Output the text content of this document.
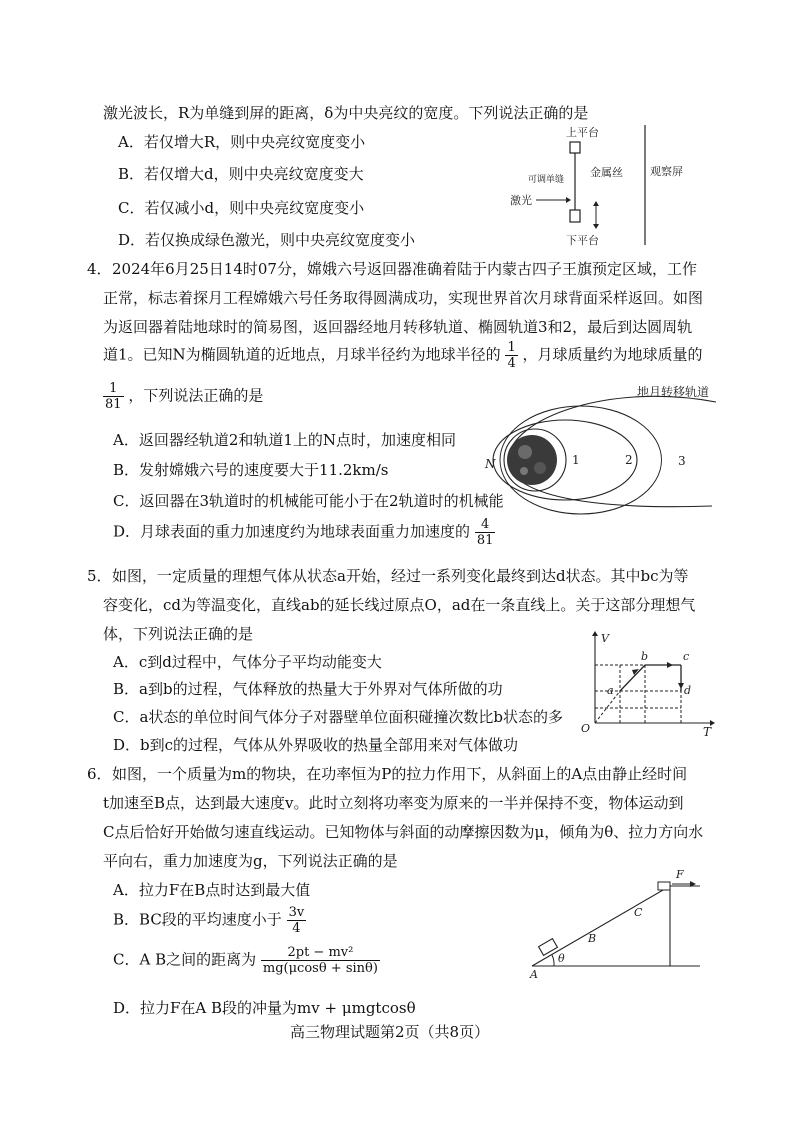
激光波长，R为单缝到屏的距离，δ为中央亮纹的宽度。下列说法正确的是
A．若仅增大R，则中央亮纹宽度变小
B．若仅增大d，则中央亮纹宽度变大
C．若仅减小d，则中央亮纹宽度变小
D．若仅换成绿色激光，则中央亮纹宽度变小
观察屏
上平台
金属丝
可调单缝
激光
下平台
4． 2024年6月25日14时07分，嫦娥六号返回器准确着陆于内蒙古四子王旗预定区域，工作
正常，标志着探月工程嫦娥六号任务取得圆满成功，实现世界首次月球背面采样返回。如图
为返回器着陆地球时的简易图，返回器经地月转移轨道、椭圆轨道3和2，最后到达圆周轨
道1。已知N为椭圆轨道的近地点，月球半径约为地球半径的 $\frac{1}{4}$ ，月球质量约为地球质量的
$\frac{1}{81}$ ，下列说法正确的是
A．返回器经轨道2和轨道1上的N点时，加速度相同
B．发射嫦娥六号的速度要大于11.2km/s
C．返回器在3轨道时的机械能可能小于在2轨道时的机械能
D．月球表面的重力加速度约为地球表面重力加速度的 $\frac{4}{81}$
地月转移轨道
N	1	2	3
5． 如图，一定质量的理想气体从状态a开始，经过一系列变化最终到达d状态。其中bc为等
容变化，cd为等温变化，直线ab的延长线过原点O，ad在一条直线上。关于这部分理想气
体，下列说法正确的是
A．c到d过程中，气体分子平均动能变大
B．a到b的过程，气体释放的热量大于外界对气体所做的功
C．a状态的单位时间气体分子对器壁单位面积碰撞次数比b状态的多
D．b到c的过程，气体从外界吸收的热量全部用来对气体做功
V
T
O
a
b	c
d
6． 如图，一个质量为m的物块，在功率恒为P的拉力作用下，从斜面上的A点由静止经时间
t加速至B点，达到最大速度v。此时立刻将功率变为原来的一半并保持不变，物体运动到
C点后恰好开始做匀速直线运动。已知物体与斜面的动摩擦因数为μ，倾角为θ、拉力方向水
平向右，重力加速度为g，下列说法正确的是
A．拉力F在B点时达到最大值
B．BC段的平均速度小于 $\frac{3v}{4}$
C．A B之间的距离为 $\frac{\text{2pt − mv²}}{mg(\mu\cos\theta + \sin\theta)}$
D．拉力F在A B段的冲量为mv + μmgtcosθ
F
A
θ
B
C
高三物理试题第2页（共8页）
